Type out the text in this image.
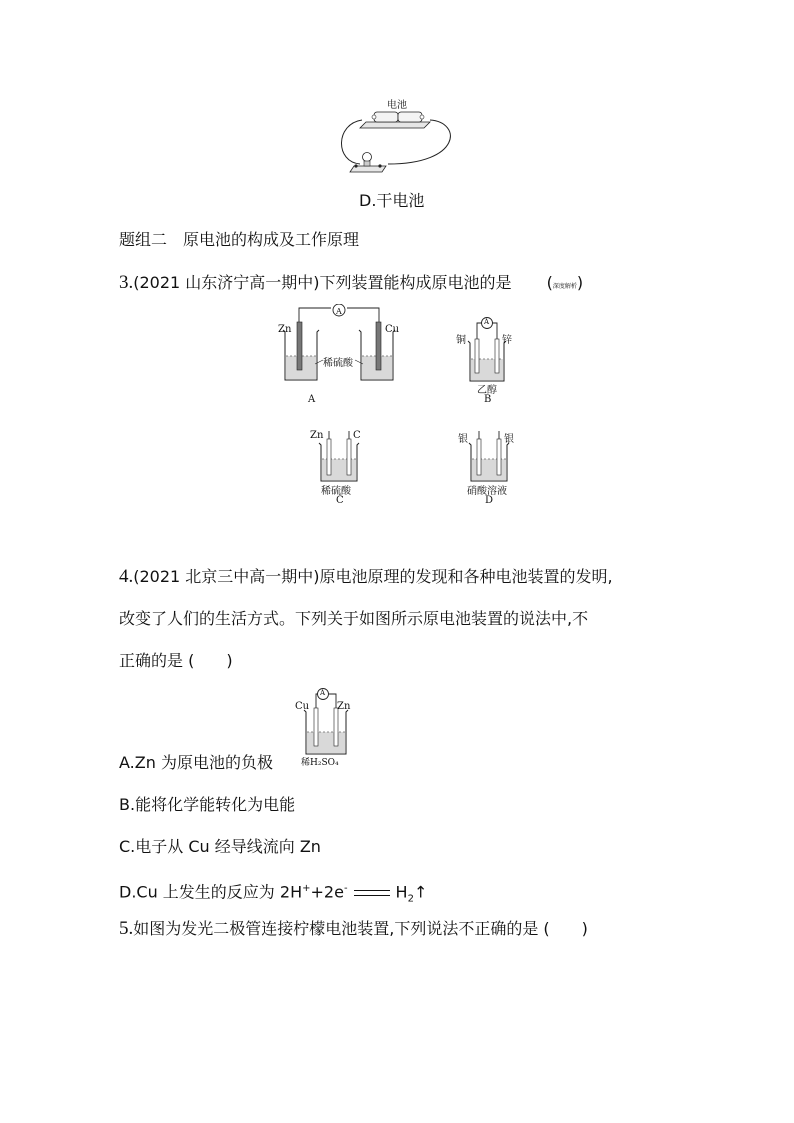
电池
D.干电池
题组二　原电池的构成及工作原理
3.(2021 山东济宁高一期中)下列装置能构成原电池的是 (深度解析)
A
Zn	Cu
稀硫酸
A
A
铜	锌
乙醇
B
Zn	C
稀硫酸
C
银	银
硝酸溶液
D
4.(2021 北京三中高一期中)原电池原理的发现和各种电池装置的发明,
改变了人们的生活方式。下列关于如图所示原电池装置的说法中,不
正确的是 (　　)
A
Cu	Zn
稀H₂SO₄
A.Zn 为原电池的负极
B.能将化学能转化为电能
C.电子从 Cu 经导线流向 Zn
D.Cu 上发生的反应为 2H++2e-	$H_2↑$
5.如图为发光二极管连接柠檬电池装置,下列说法不正确的是 (　　)
